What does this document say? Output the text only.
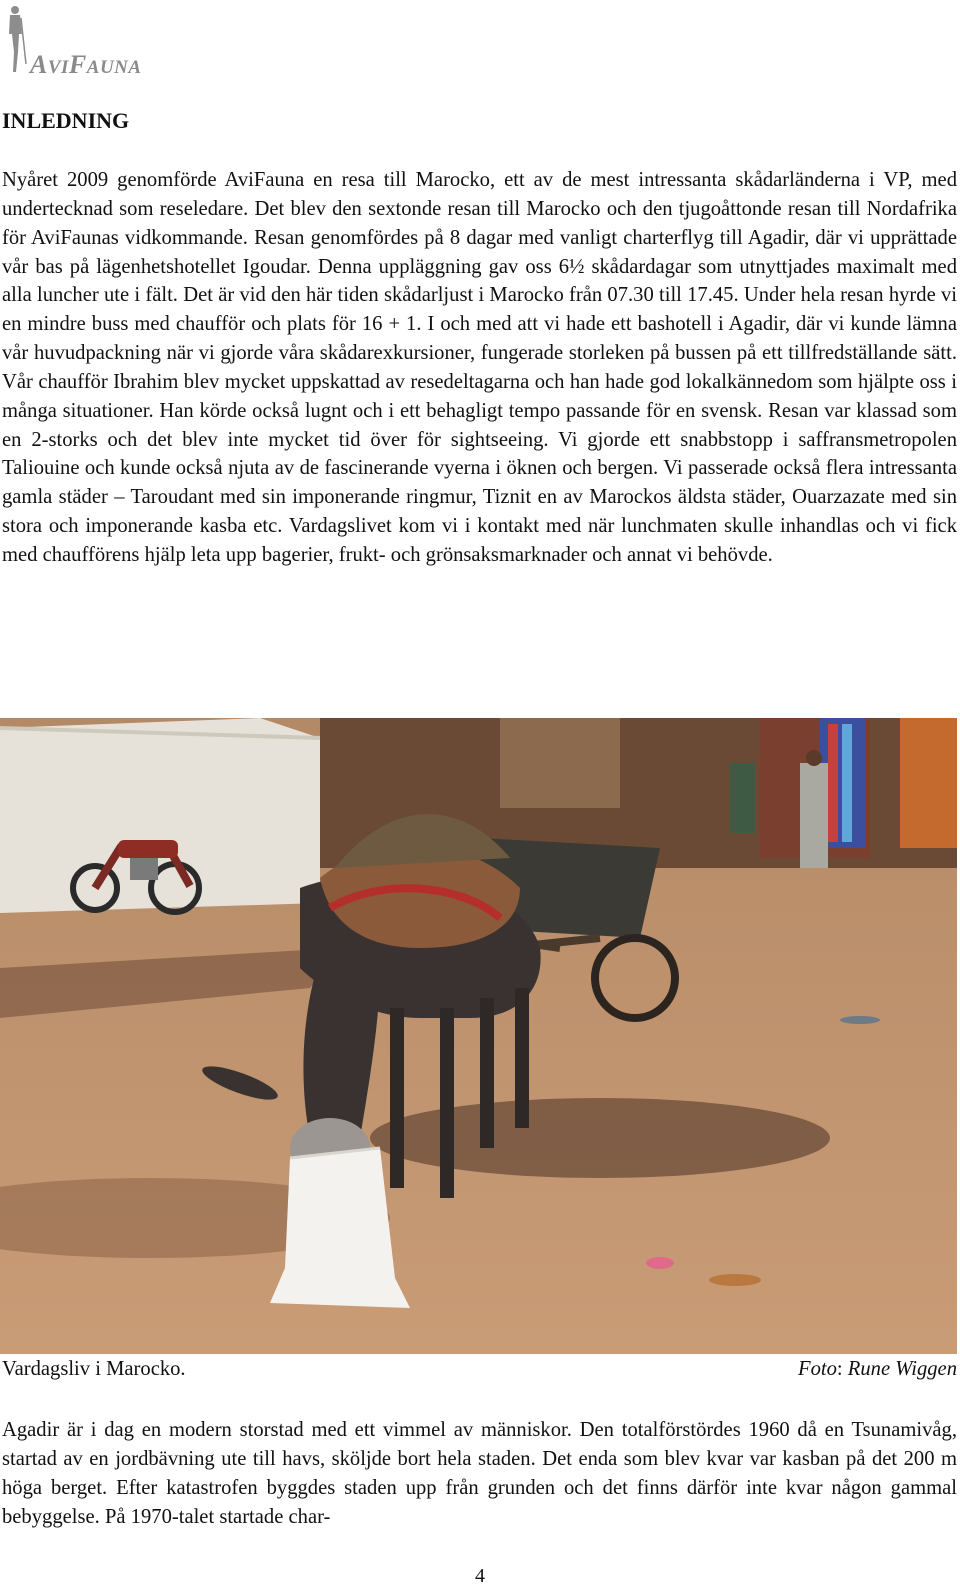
AVIFAUNA
INLEDNING

Nyåret 2009 genomförde AviFauna en resa till Marocko, ett av de mest intressanta skådarländerna i VP, med undertecknad som reseledare. Det blev den sextonde resan till Marocko och den tjugoåttonde resan till Nordafrika för AviFaunas vidkommande. Resan genomfördes på 8 dagar med vanligt charterflyg till Agadir, där vi upprättade vår bas på lägenhetshotellet Igoudar. Denna uppläggning gav oss 6½ skådardagar som utnyttjades maximalt med alla luncher ute i fält. Det är vid den här tiden skådarljust i Marocko från 07.30 till 17.45. Under hela resan hyrde vi en mindre buss med chaufför och plats för 16 + 1. I och med att vi hade ett bashotell i Agadir, där vi kunde lämna vår huvudpackning när vi gjorde våra skådarexkursioner, fungerade storleken på bussen på ett tillfredställande sätt. Vår chaufför Ibrahim blev mycket uppskattad av resedeltagarna och han hade god lokalkännedom som hjälpte oss i många situationer. Han körde också lugnt och i ett behagligt tempo passande för en svensk. Resan var klassad som en 2-storks och det blev inte mycket tid över för sightseeing. Vi gjorde ett snabbstopp i saffransmetropolen Taliouine och kunde också njuta av de fascinerande vyerna i öknen och bergen. Vi passerade också flera intressanta gamla städer – Taroudant med sin imponerande ringmur, Tiznit en av Marockos äldsta städer, Ouarzazate med sin stora och imponerande kasba etc. Vardagslivet kom vi i kontakt med när lunchmaten skulle inhandlas och vi fick med chaufförens hjälp leta upp bagerier, frukt- och grönsaksmarknader och annat vi behövde.

Vardagsliv i Marocko.	Foto: Rune Wiggen

Agadir är i dag en modern storstad med ett vimmel av människor. Den totalförstördes 1960 då en Tsunamivåg, startad av en jordbävning ute till havs, sköljde bort hela staden. Det enda som blev kvar var kasban på det 200 m höga berget. Efter katastrofen byggdes staden upp från grunden och det finns därför inte kvar någon gammal bebyggelse. På 1970-talet startade char-

4
